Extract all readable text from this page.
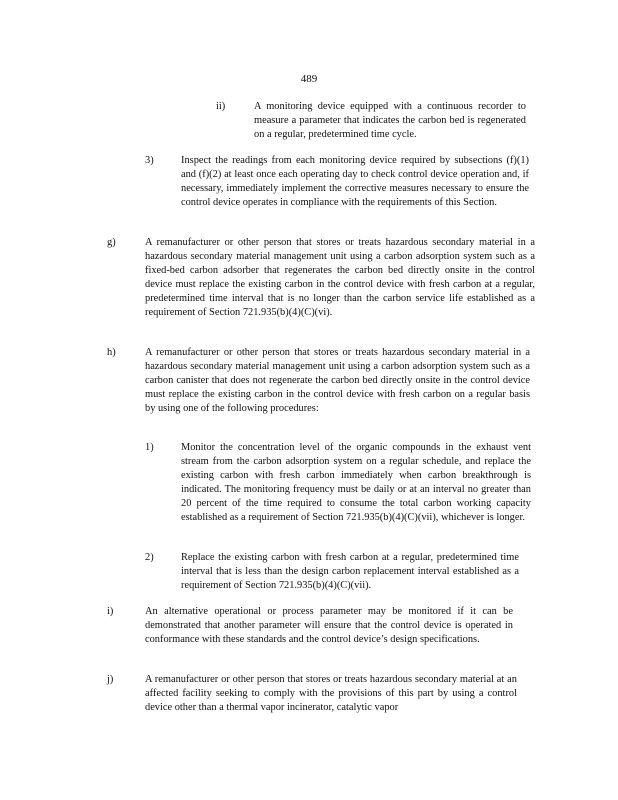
489
ii)	A monitoring device equipped with a continuous recorder to measure a parameter that indicates the carbon bed is regenerated on a regular, predetermined time cycle.
3)	Inspect the readings from each monitoring device required by subsections (f)(1) and (f)(2) at least once each operating day to check control device operation and, if necessary, immediately implement the corrective measures necessary to ensure the control device operates in compliance with the requirements of this Section.
g)	A remanufacturer or other person that stores or treats hazardous secondary material in a hazardous secondary material management unit using a carbon adsorption system such as a fixed-bed carbon adsorber that regenerates the carbon bed directly onsite in the control device must replace the existing carbon in the control device with fresh carbon at a regular, predetermined time interval that is no longer than the carbon service life established as a requirement of Section 721.935(b)(4)(C)(vi).
h)	A remanufacturer or other person that stores or treats hazardous secondary material in a hazardous secondary material management unit using a carbon adsorption system such as a carbon canister that does not regenerate the carbon bed directly onsite in the control device must replace the existing carbon in the control device with fresh carbon on a regular basis by using one of the following procedures:
1)	Monitor the concentration level of the organic compounds in the exhaust vent stream from the carbon adsorption system on a regular schedule, and replace the existing carbon with fresh carbon immediately when carbon breakthrough is indicated. The monitoring frequency must be daily or at an interval no greater than 20 percent of the time required to consume the total carbon working capacity established as a requirement of Section 721.935(b)(4)(C)(vii), whichever is longer.
2)	Replace the existing carbon with fresh carbon at a regular, predetermined time interval that is less than the design carbon replacement interval established as a requirement of Section 721.935(b)(4)(C)(vii).
i)	An alternative operational or process parameter may be monitored if it can be demonstrated that another parameter will ensure that the control device is operated in conformance with these standards and the control device’s design specifications.
j)	A remanufacturer or other person that stores or treats hazardous secondary material at an affected facility seeking to comply with the provisions of this part by using a control device other than a thermal vapor incinerator, catalytic vapor
